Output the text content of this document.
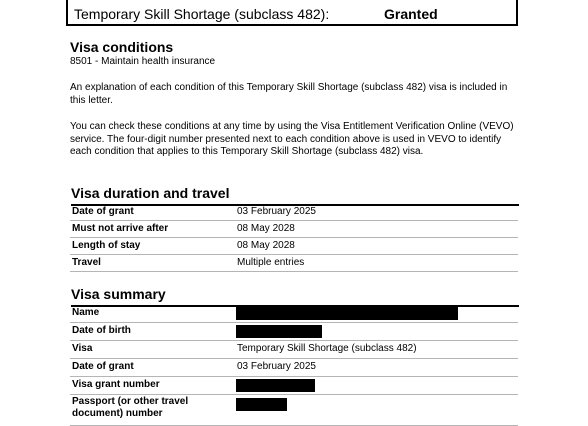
Temporary Skill Shortage (subclass 482):	Granted
Visa conditions
8501 - Maintain health insurance
An explanation of each condition of this Temporary Skill Shortage (subclass 482) visa is included in this letter.
You can check these conditions at any time by using the Visa Entitlement Verification Online (VEVO) service. The four-digit number presented next to each condition above is used in VEVO to identify each condition that applies to this Temporary Skill Shortage (subclass 482) visa.
Visa duration and travel
Date of grant	03 February 2025
Must not arrive after	08 May 2028
Length of stay	08 May 2028
Travel	Multiple entries
Visa summary
Name
Date of birth
Visa	Temporary Skill Shortage (subclass 482)
Date of grant	03 February 2025
Visa grant number
Passport (or other travel document) number
